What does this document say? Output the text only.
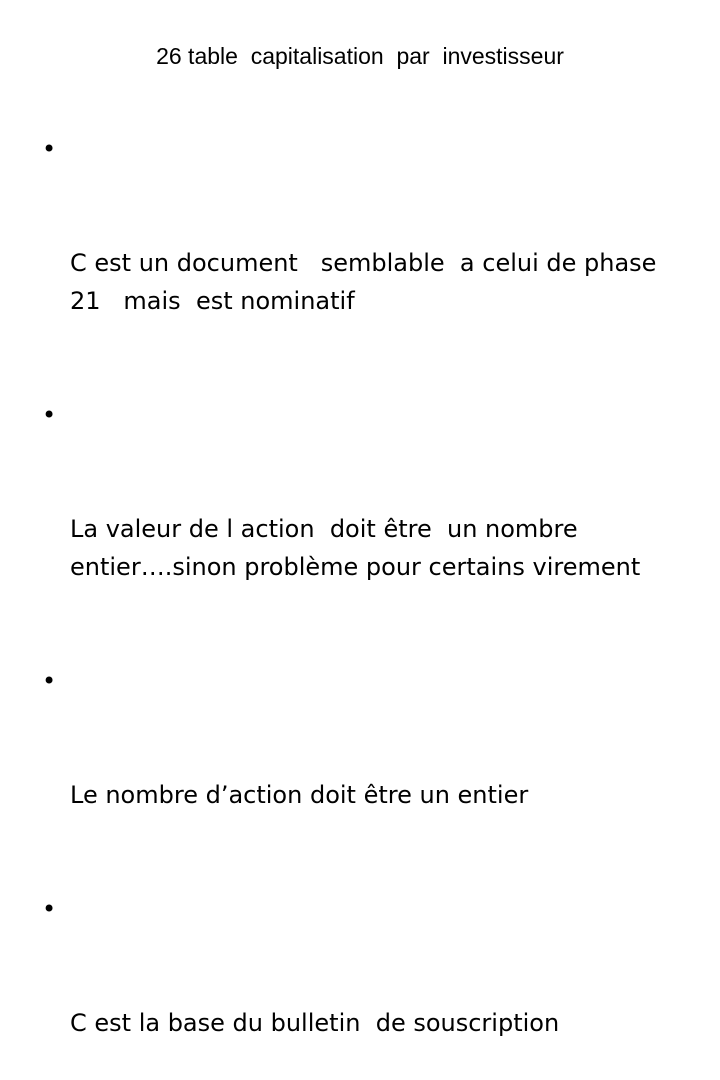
26 table  capitalisation  par  investisseur

•

C est un document   semblable  a celui de phase   21   mais  est nominatif

•

La valeur de l action  doit être  un nombre entier….sinon problème pour certains virement

•

Le nombre d’action doit être un entier

•

C est la base du bulletin  de souscription
